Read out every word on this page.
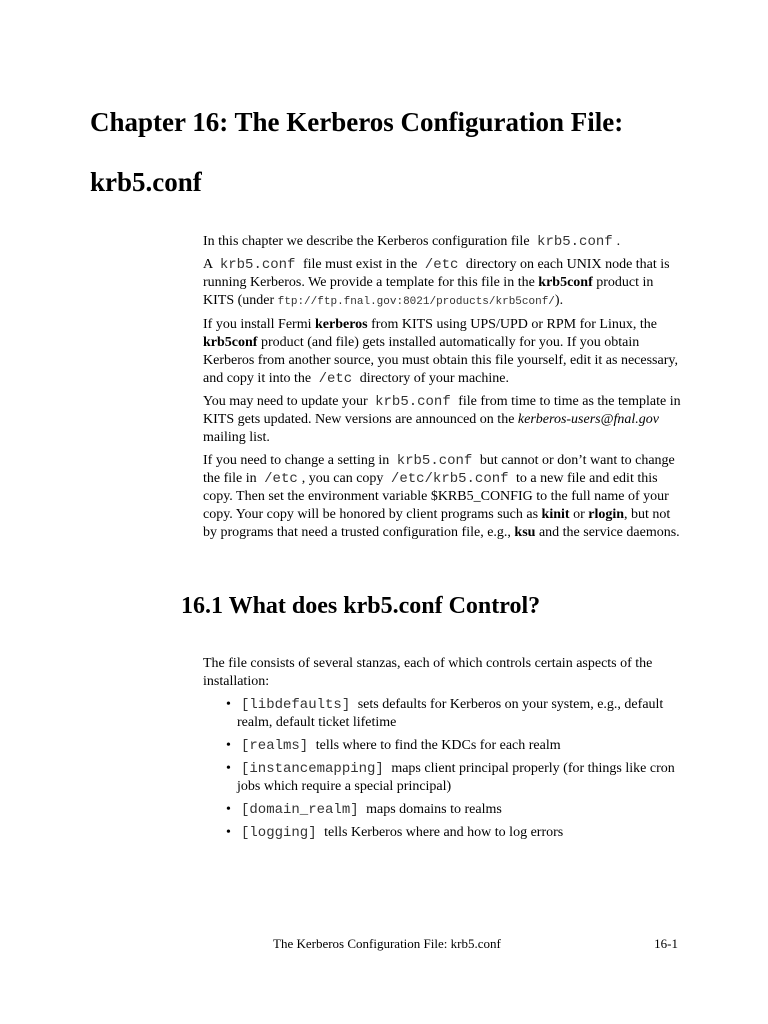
Chapter 16: The Kerberos Configuration File: krb5.conf

In this chapter we describe the Kerberos configuration file krb5.conf .

A krb5.conf file must exist in the /etc directory on each UNIX node that is running Kerberos. We provide a template for this file in the krb5conf product in KITS (under ftp://ftp.fnal.gov:8021/products/krb5conf/).

If you install Fermi kerberos from KITS using UPS/UPD or RPM for Linux, the krb5conf product (and file) gets installed automatically for you. If you obtain Kerberos from another source, you must obtain this file yourself, edit it as necessary, and copy it into the /etc directory of your machine.

You may need to update your krb5.conf file from time to time as the template in KITS gets updated. New versions are announced on the kerberos-users@fnal.gov mailing list.

If you need to change a setting in krb5.conf but cannot or don’t want to change the file in /etc , you can copy /etc/krb5.conf to a new file and edit this copy. Then set the environment variable $KRB5_CONFIG to the full name of your copy. Your copy will be honored by client programs such as kinit or rlogin, but not by programs that need a trusted configuration file, e.g., ksu and the service daemons.

16.1 What does krb5.conf Control?

The file consists of several stanzas, each of which controls certain aspects of the installation:

• [libdefaults] sets defaults for Kerberos on your system, e.g., default realm, default ticket lifetime
• [realms] tells where to find the KDCs for each realm
• [instancemapping] maps client principal properly (for things like cron jobs which require a special principal)
• [domain_realm] maps domains to realms
• [logging] tells Kerberos where and how to log errors
The Kerberos Configuration File: krb5.conf	16-1
